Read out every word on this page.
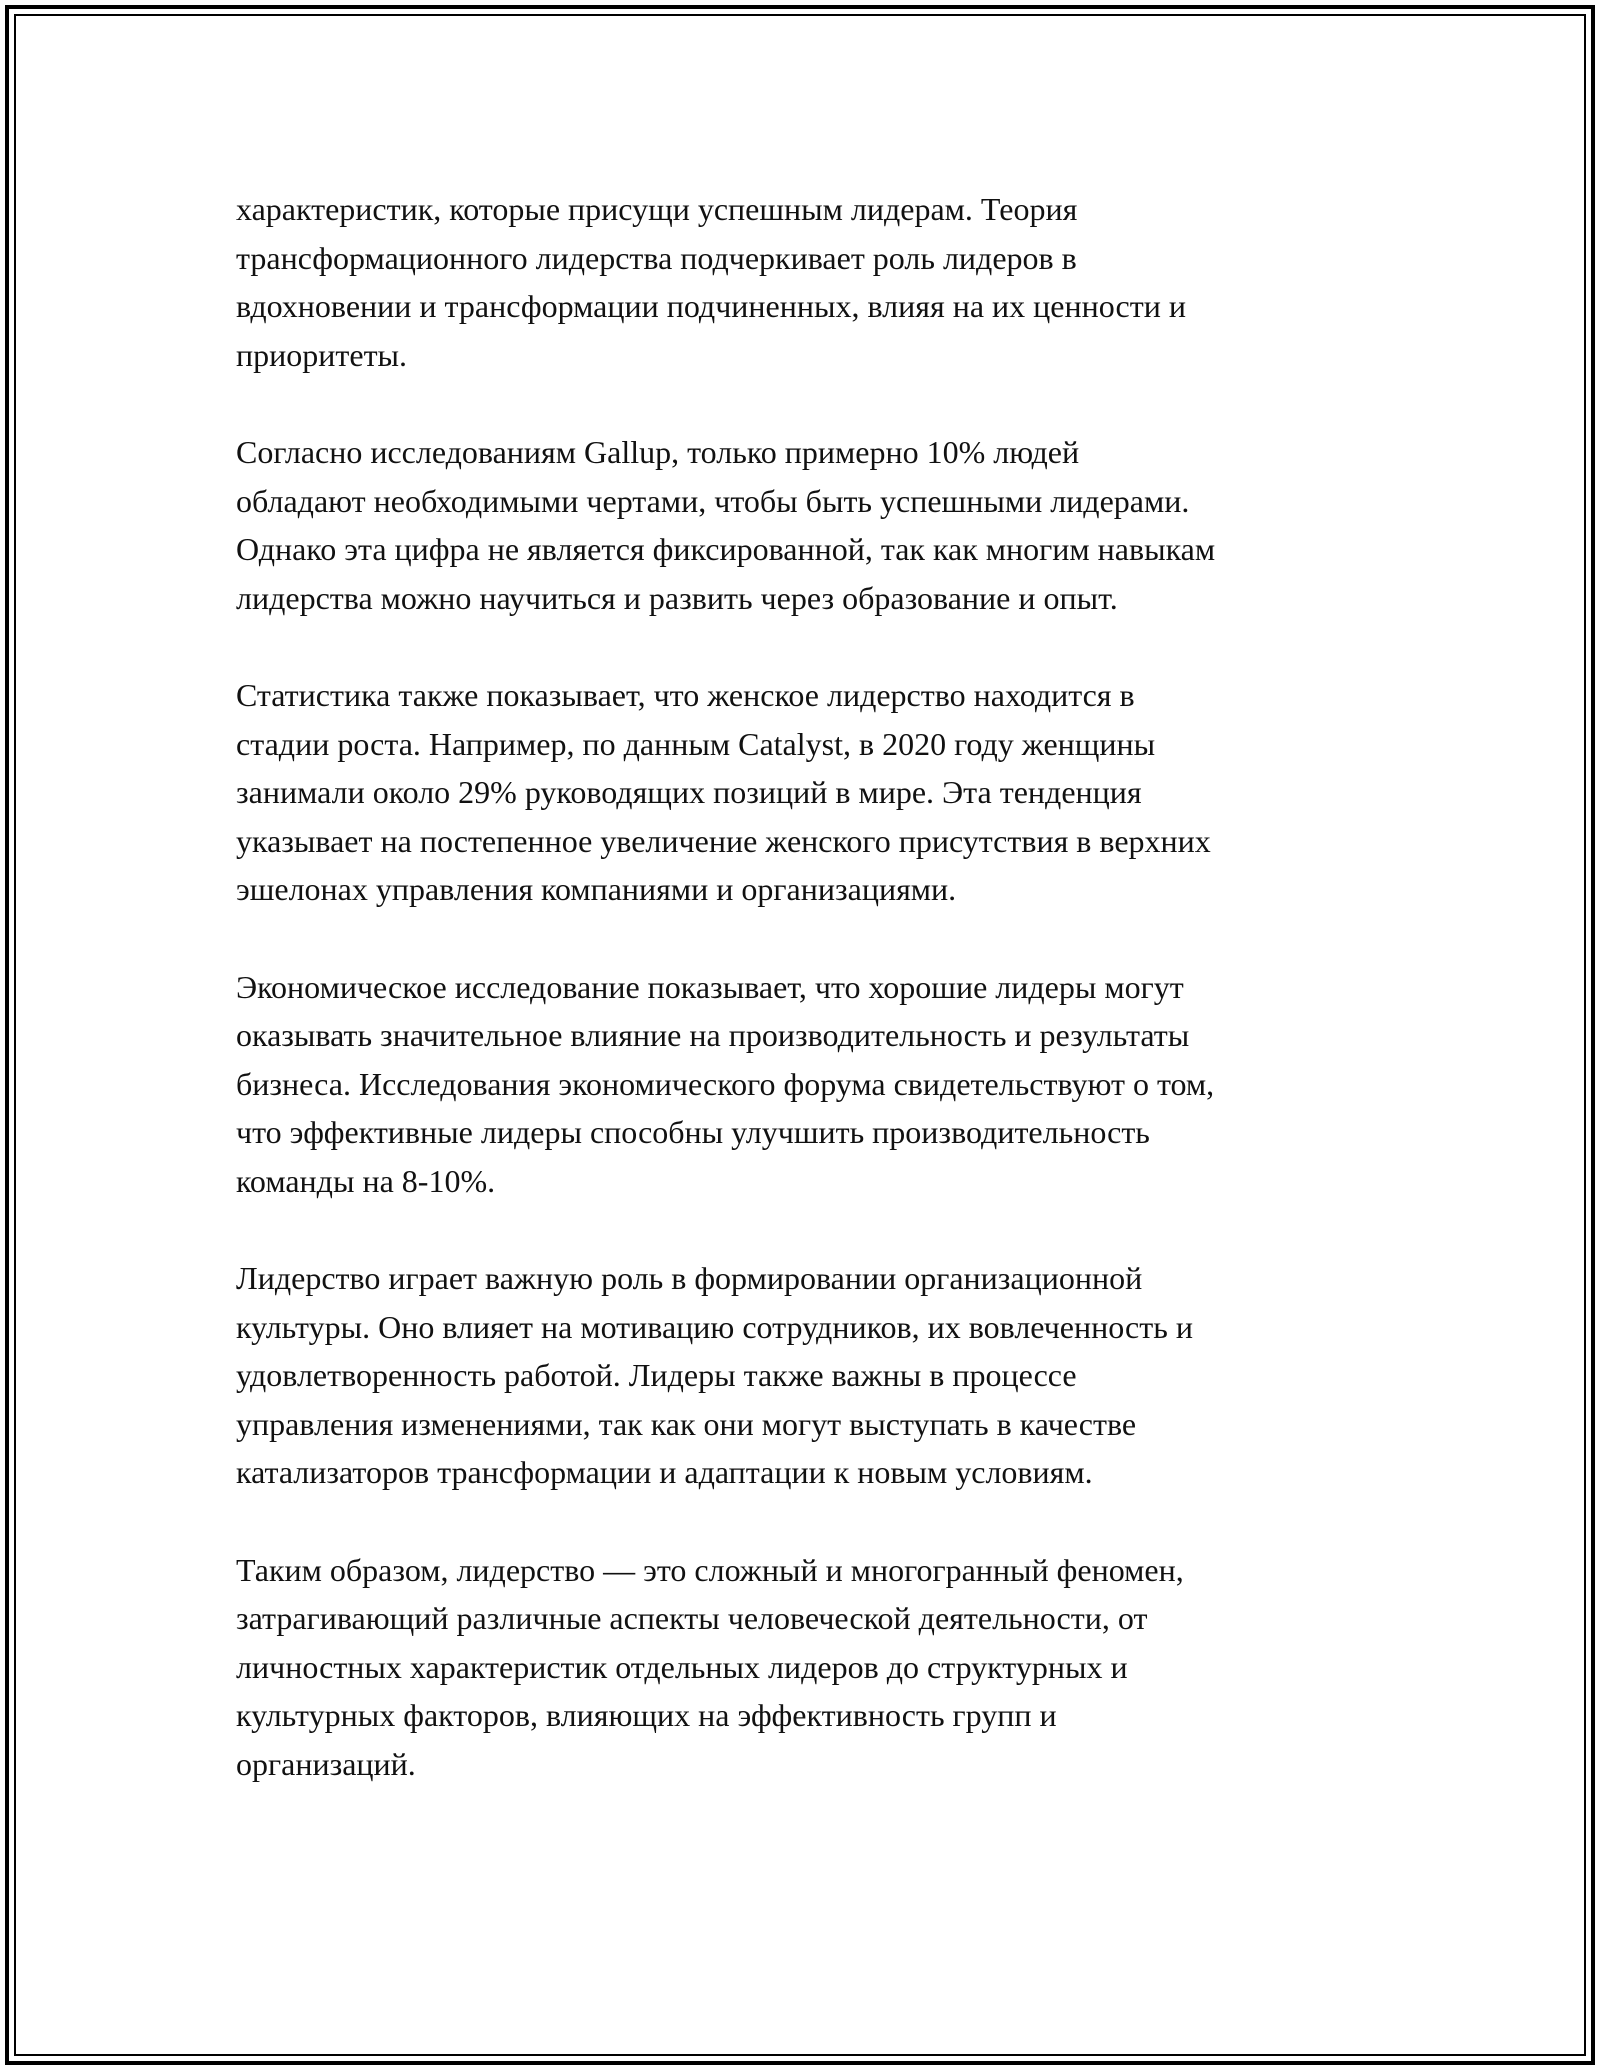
характеристик, которые присущи успешным лидерам. Теория
трансформационного лидерства подчеркивает роль лидеров в
вдохновении и трансформации подчиненных, влияя на их ценности и
приоритеты.

Согласно исследованиям Gallup, только примерно 10% людей
обладают необходимыми чертами, чтобы быть успешными лидерами.
Однако эта цифра не является фиксированной, так как многим навыкам
лидерства можно научиться и развить через образование и опыт.

Статистика также показывает, что женское лидерство находится в
стадии роста. Например, по данным Catalyst, в 2020 году женщины
занимали около 29% руководящих позиций в мире. Эта тенденция
указывает на постепенное увеличение женского присутствия в верхних
эшелонах управления компаниями и организациями.

Экономическое исследование показывает, что хорошие лидеры могут
оказывать значительное влияние на производительность и результаты
бизнеса. Исследования экономического форума свидетельствуют о том,
что эффективные лидеры способны улучшить производительность
команды на 8-10%.

Лидерство играет важную роль в формировании организационной
культуры. Оно влияет на мотивацию сотрудников, их вовлеченность и
удовлетворенность работой. Лидеры также важны в процессе
управления изменениями, так как они могут выступать в качестве
катализаторов трансформации и адаптации к новым условиям.

Таким образом, лидерство — это сложный и многогранный феномен,
затрагивающий различные аспекты человеческой деятельности, от
личностных характеристик отдельных лидеров до структурных и
культурных факторов, влияющих на эффективность групп и
организаций.
